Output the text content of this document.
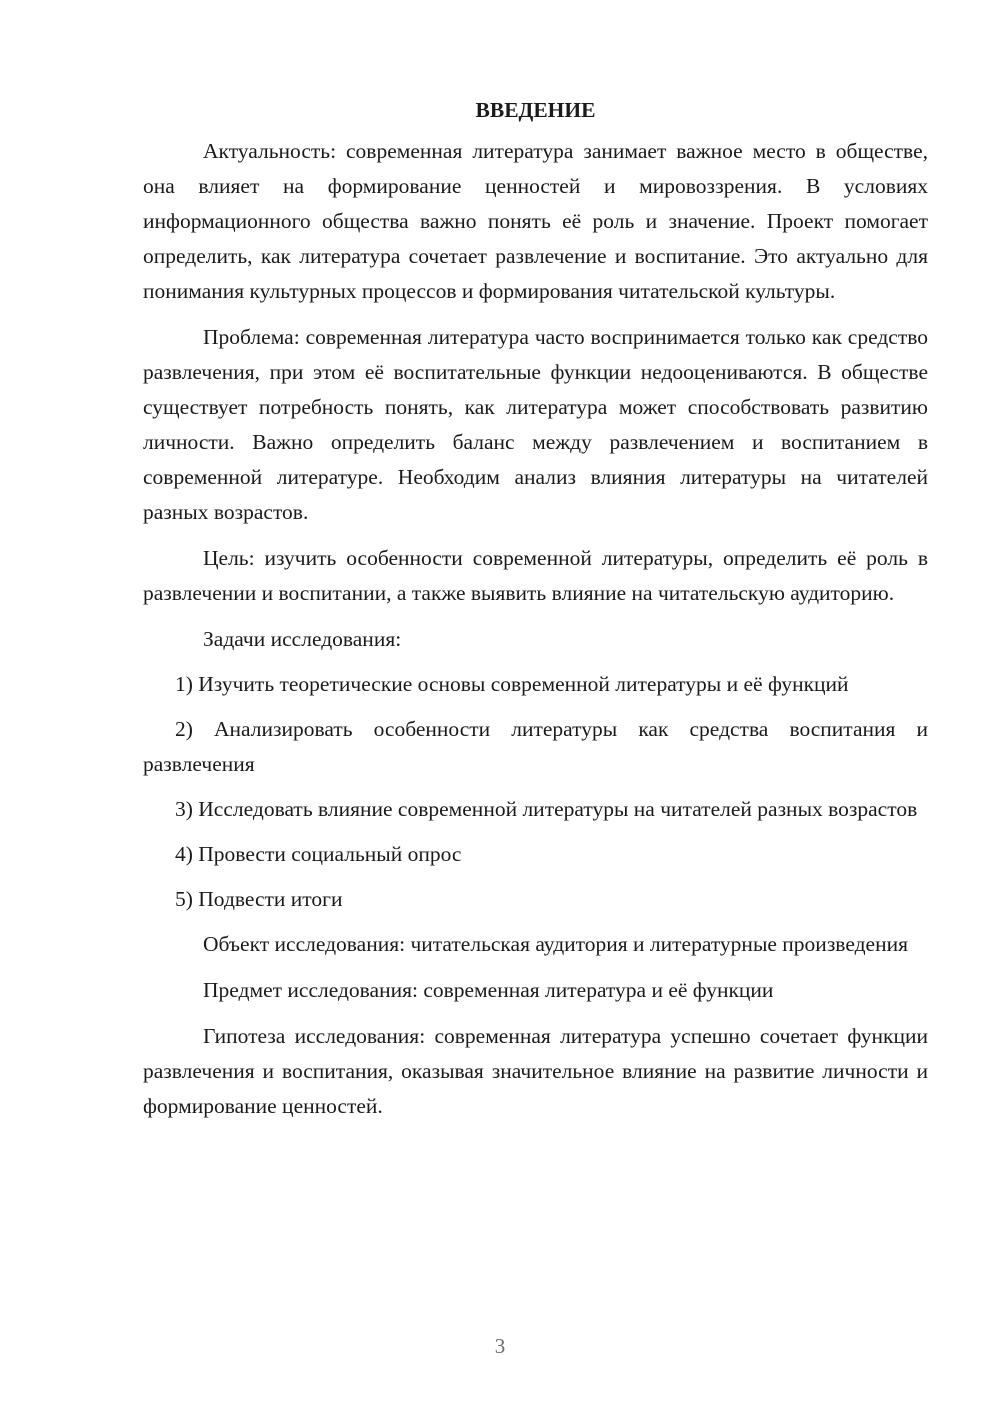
ВВЕДЕНИЕ

Актуальность: современная литература занимает важное место в обществе, она влияет на формирование ценностей и мировоззрения. В условиях информационного общества важно понять её роль и значение. Проект помогает определить, как литература сочетает развлечение и воспитание. Это актуально для понимания культурных процессов и формирования читательской культуры.

Проблема: современная литература часто воспринимается только как средство развлечения, при этом её воспитательные функции недооцениваются. В обществе существует потребность понять, как литература может способствовать развитию личности. Важно определить баланс между развлечением и воспитанием в современной литературе. Необходим анализ влияния литературы на читателей разных возрастов.

Цель: изучить особенности современной литературы, определить её роль в развлечении и воспитании, а также выявить влияние на читательскую аудиторию.

Задачи исследования:

1) Изучить теоретические основы современной литературы и её функций

2) Анализировать особенности литературы как средства воспитания и развлечения

3) Исследовать влияние современной литературы на читателей разных возрастов

4) Провести социальный опрос

5) Подвести итоги

Объект исследования: читательская аудитория и литературные произведения

Предмет исследования: современная литература и её функции

Гипотеза исследования: современная литература успешно сочетает функции развлечения и воспитания, оказывая значительное влияние на развитие личности и формирование ценностей.

3
